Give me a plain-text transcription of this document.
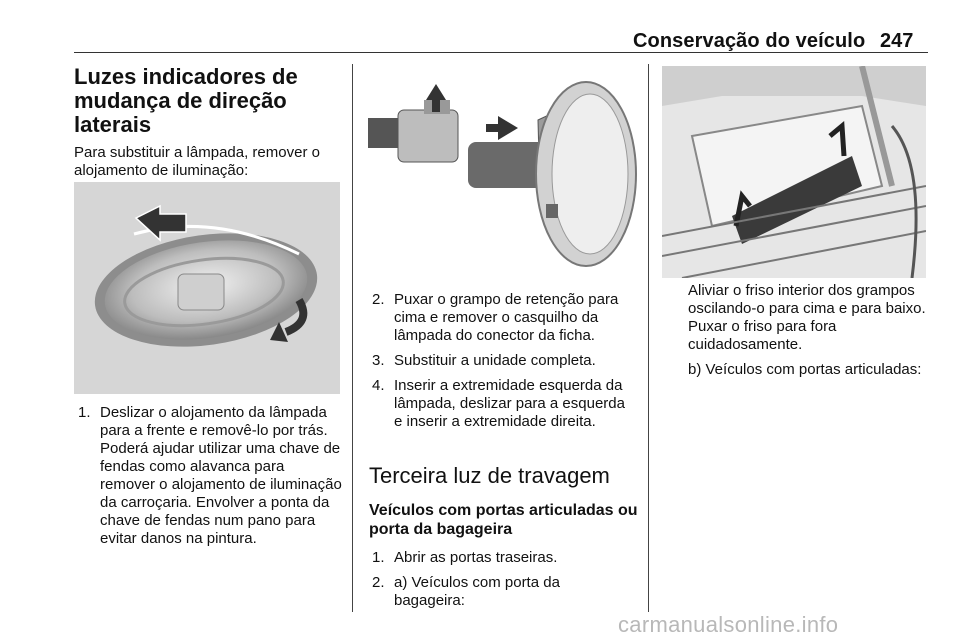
Conservação do veículo 247
Luzes indicadores de mudança de direção laterais
Para substituir a lâmpada, remover o alojamento de iluminação:
1. Deslizar o alojamento da lâmpada para a frente e removê-lo por trás. Poderá ajudar utilizar uma chave de fendas como alavanca para remover o alojamento de iluminação da carroçaria. Envolver a ponta da chave de fendas num pano para evitar danos na pintura.
2. Puxar o grampo de retenção para cima e remover o casquilho da lâmpada do conector da ficha.
3. Substituir a unidade completa.
4. Inserir a extremidade esquerda da lâmpada, deslizar para a esquerda e inserir a extremidade direita.
Terceira luz de travagem
Veículos com portas articuladas ou porta da bagageira
1. Abrir as portas traseiras.
2. a) Veículos com porta da bagageira:

Aliviar o friso interior dos grampos oscilando-o para cima e para baixo. Puxar o friso para fora cuidadosamente.

b) Veículos com portas articuladas:

carmanualsonline.info
